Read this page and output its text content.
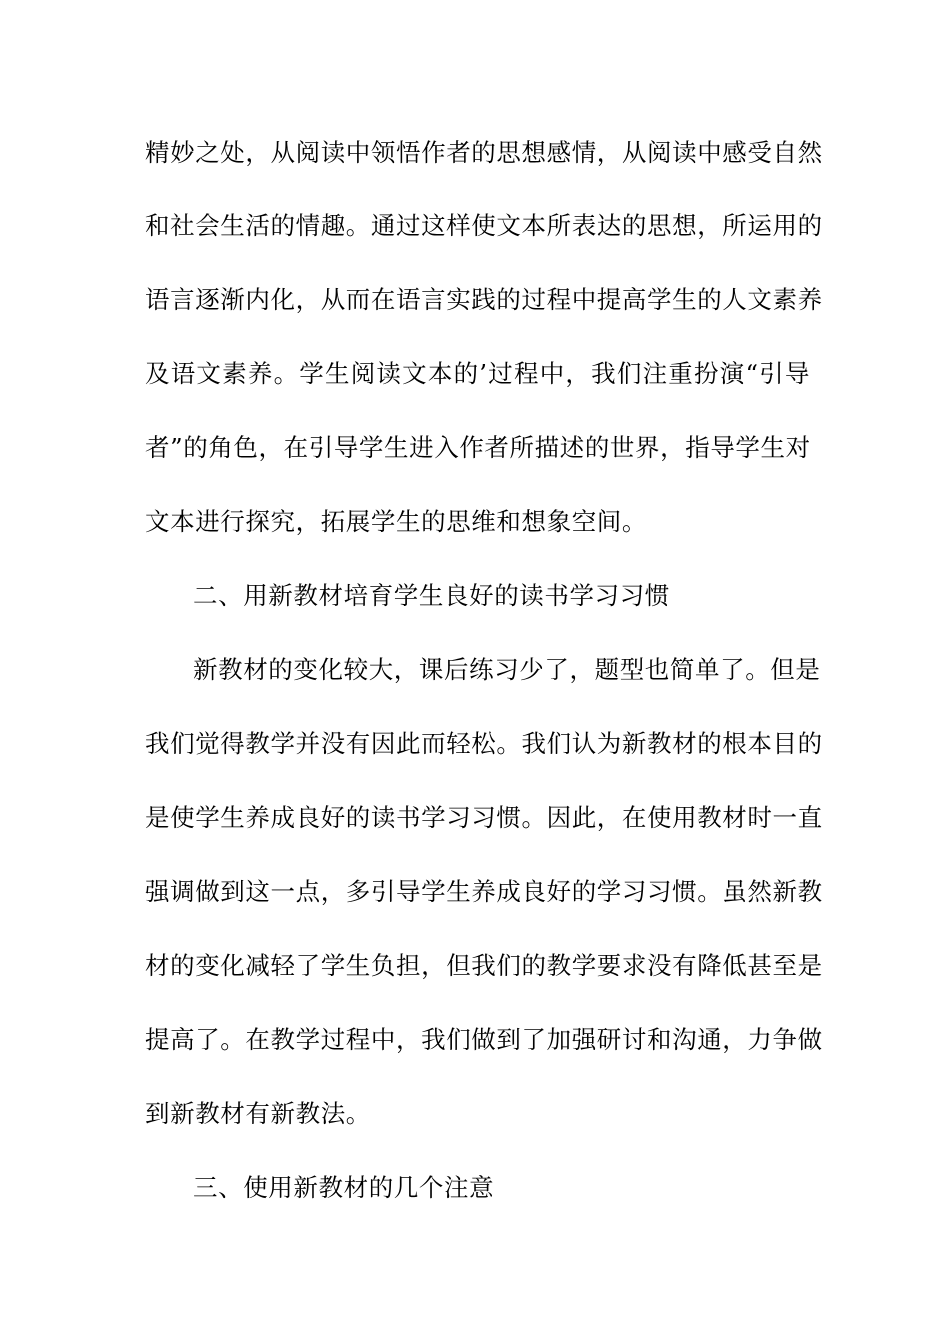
精妙之处，从阅读中领悟作者的思想感情，从阅读中感受自然
和社会生活的情趣。通过这样使文本所表达的思想，所运用的
语言逐渐内化，从而在语言实践的过程中提高学生的人文素养
及语文素养。学生阅读文本的’过程中，我们注重扮演“引导
者”的角色，在引导学生进入作者所描述的世界，指导学生对
文本进行探究，拓展学生的思维和想象空间。
二、用新教材培育学生良好的读书学习习惯
新教材的变化较大，课后练习少了，题型也简单了。但是
我们觉得教学并没有因此而轻松。我们认为新教材的根本目的
是使学生养成良好的读书学习习惯。因此，在使用教材时一直
强调做到这一点，多引导学生养成良好的学习习惯。虽然新教
材的变化减轻了学生负担，但我们的教学要求没有降低甚至是
提高了。在教学过程中，我们做到了加强研讨和沟通，力争做
到新教材有新教法。
三、使用新教材的几个注意
